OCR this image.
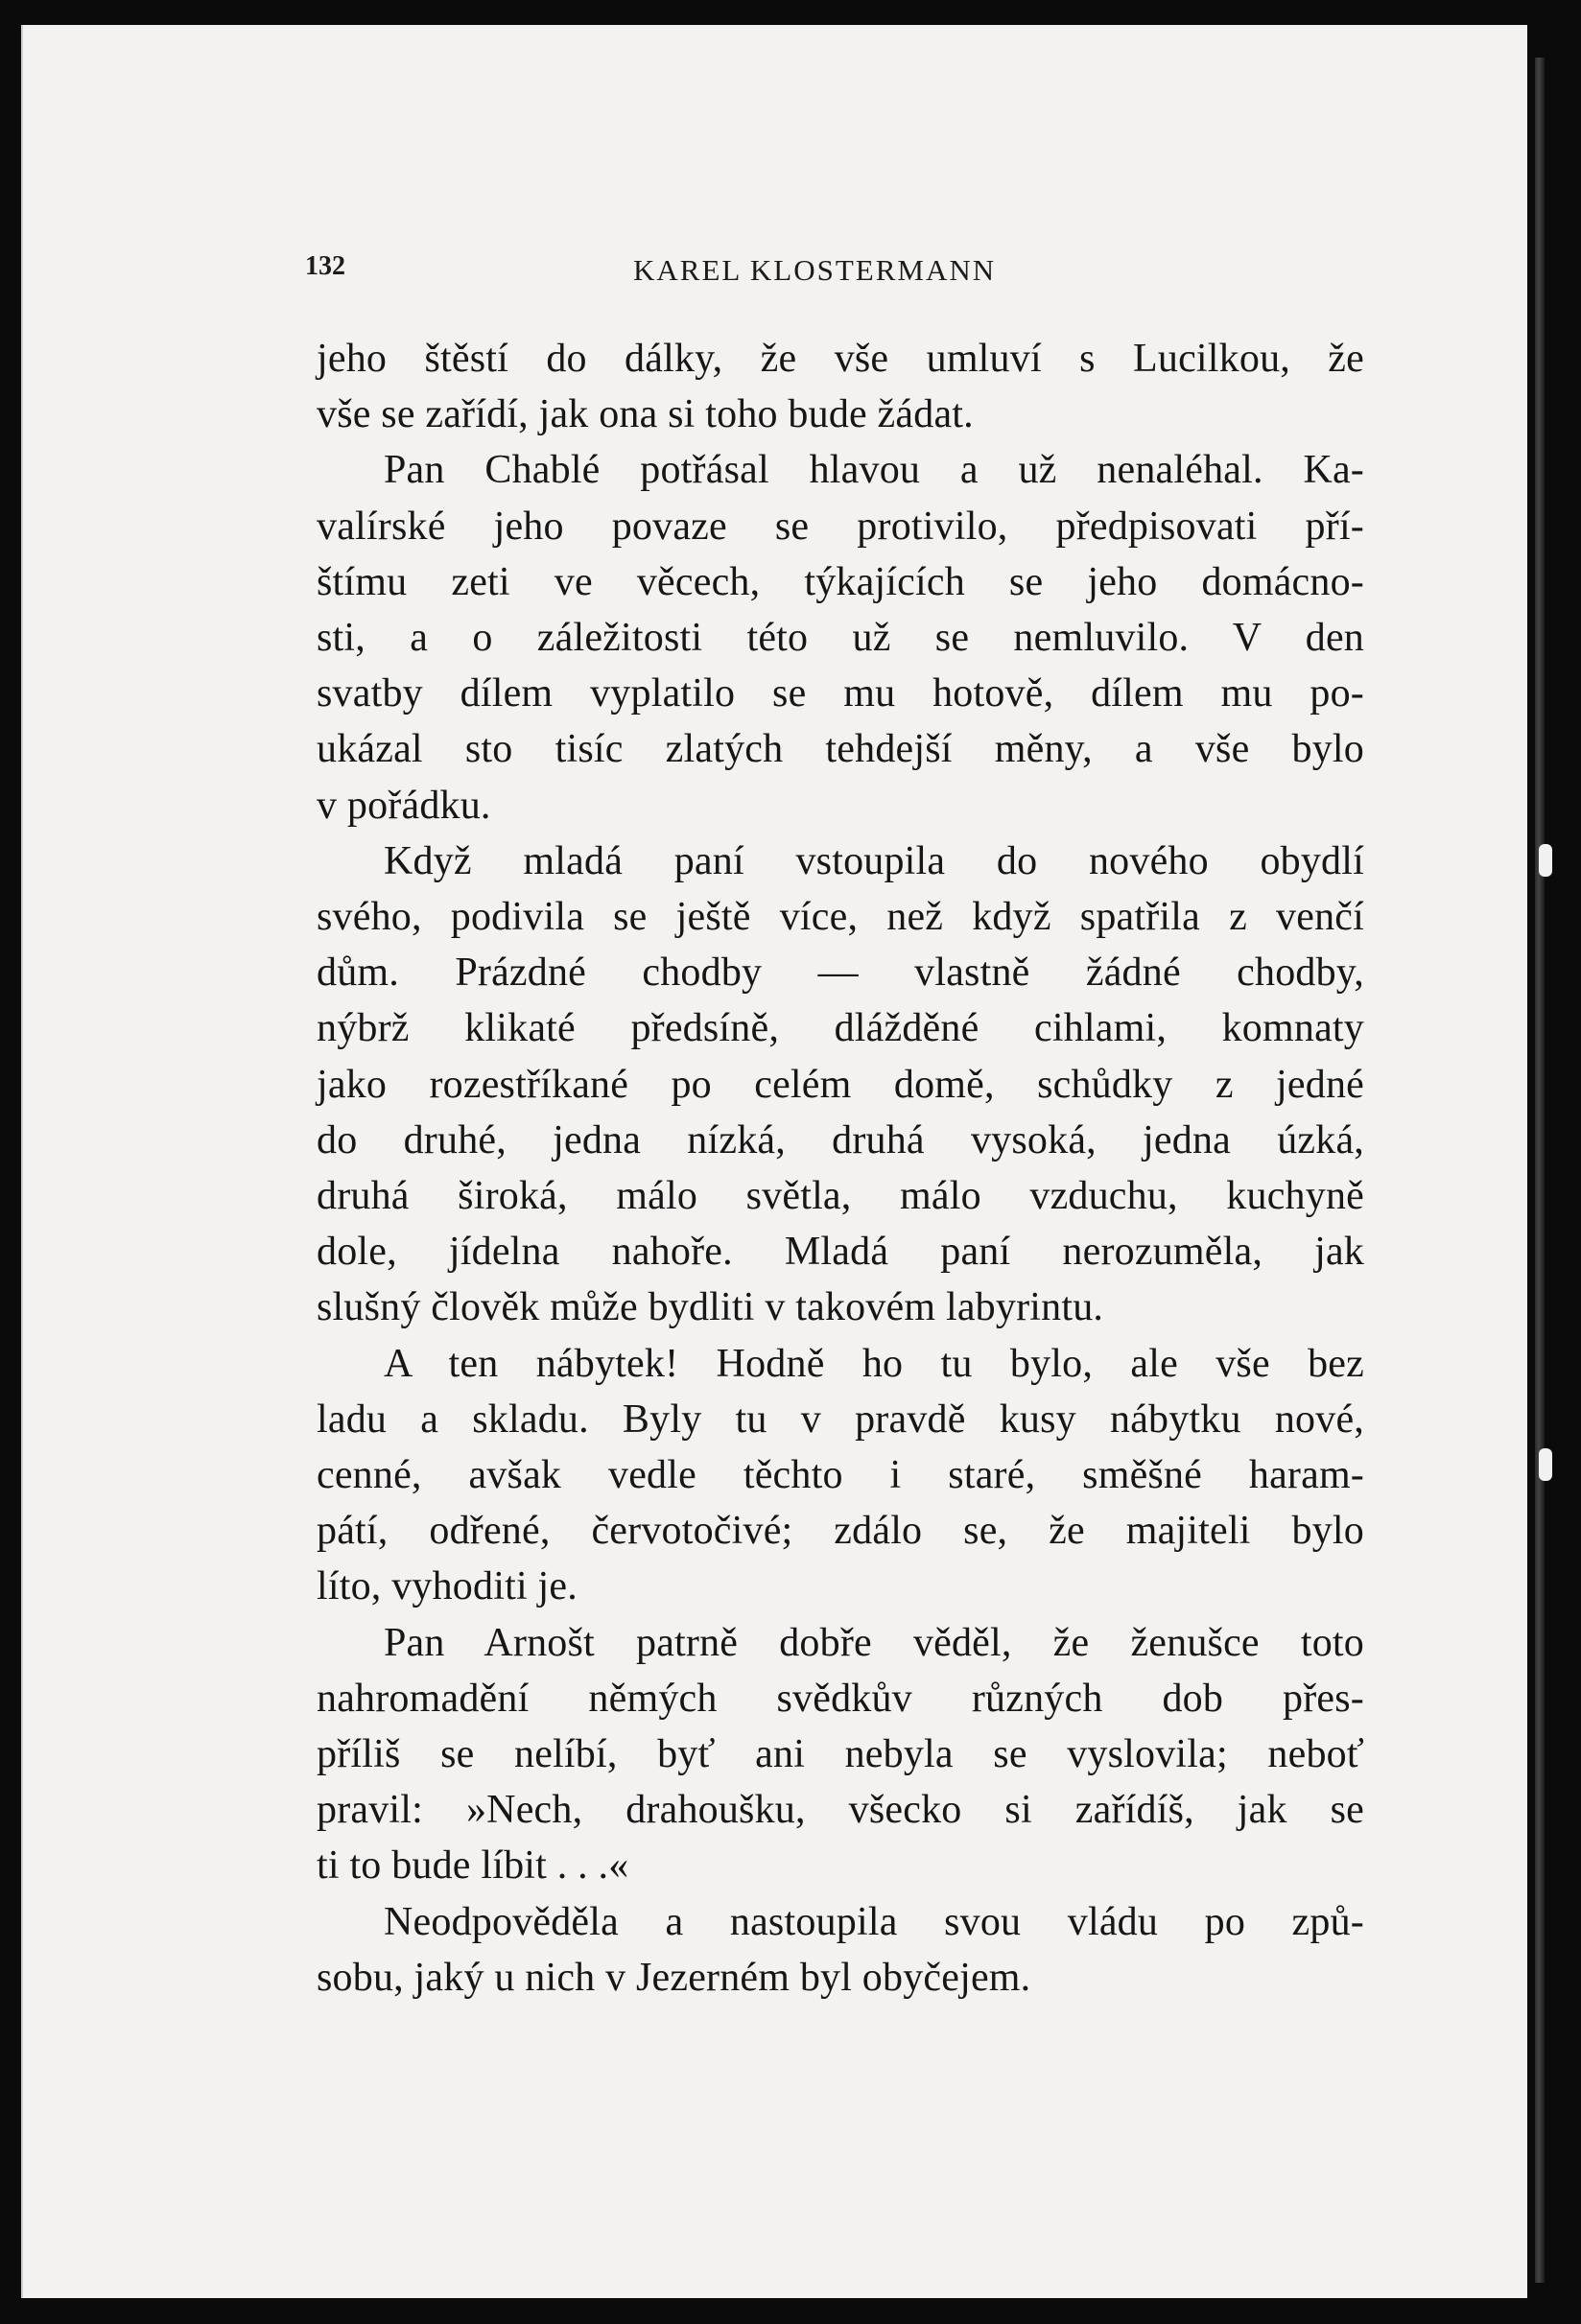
132	KAREL KLOSTERMANN
jeho štěstí do dálky, že vše umluví s Lucilkou, že
vše se zařídí, jak ona si toho bude žádat.
Pan Chablé potřásal hlavou a už nenaléhal. Ka-
valírské jeho povaze se protivilo, předpisovati pří-
štímu zeti ve věcech, týkajících se jeho domácno-
sti, a o záležitosti této už se nemluvilo. V den
svatby dílem vyplatilo se mu hotově, dílem mu po-
ukázal sto tisíc zlatých tehdejší měny, a vše bylo
v pořádku.
Když mladá paní vstoupila do nového obydlí
svého, podivila se ještě více, než když spatřila z venčí
dům. Prázdné chodby — vlastně žádné chodby,
nýbrž klikaté předsíně, dlážděné cihlami, komnaty
jako rozestříkané po celém domě, schůdky z jedné
do druhé, jedna nízká, druhá vysoká, jedna úzká,
druhá široká, málo světla, málo vzduchu, kuchyně
dole, jídelna nahoře. Mladá paní nerozuměla, jak
slušný člověk může bydliti v takovém labyrintu.
A ten nábytek! Hodně ho tu bylo, ale vše bez
ladu a skladu. Byly tu v pravdě kusy nábytku nové,
cenné, avšak vedle těchto i staré, směšné haram-
pátí, odřené, červotočivé; zdálo se, že majiteli bylo
líto, vyhoditi je.
Pan Arnošt patrně dobře věděl, že ženušce toto
nahromadění němých svědkův různých dob přes-
příliš se nelíbí, byť ani nebyla se vyslovila; neboť
pravil: »Nech, drahoušku, všecko si zařídíš, jak se
ti to bude líbit . . .«
Neodpověděla a nastoupila svou vládu po způ-
sobu, jaký u nich v Jezerném byl obyčejem.
